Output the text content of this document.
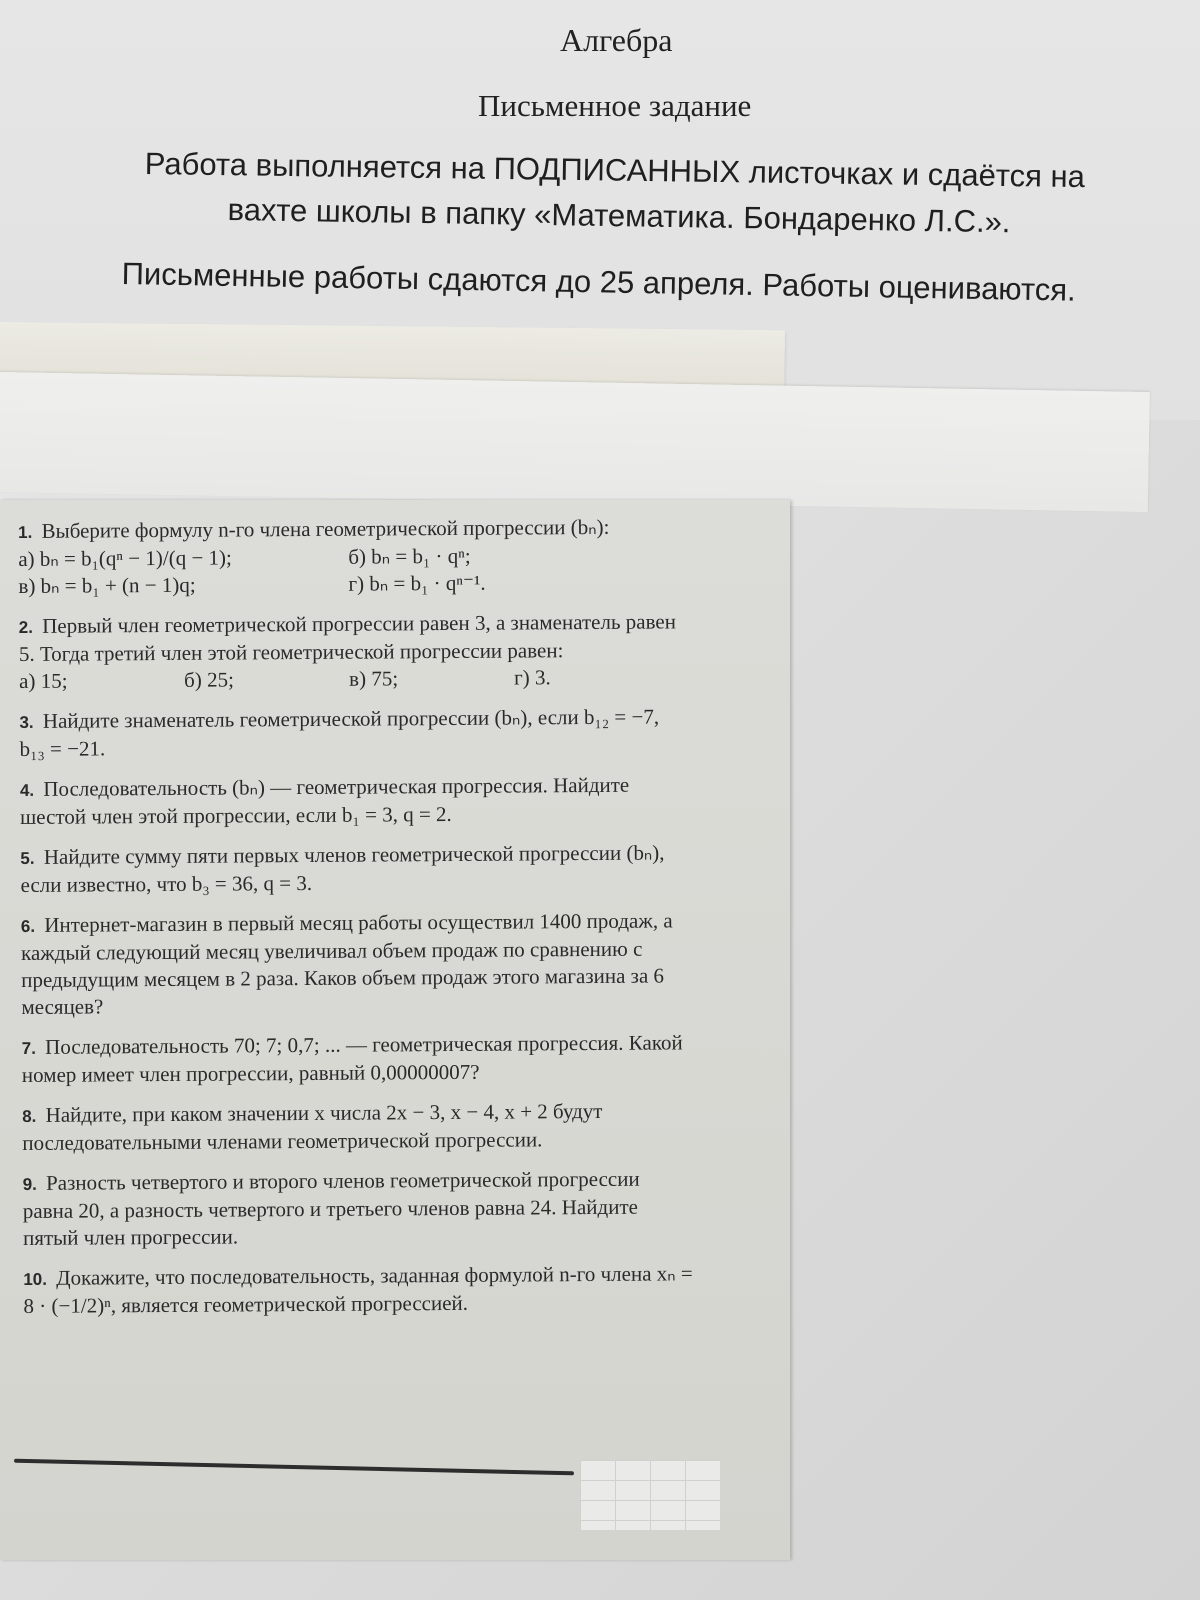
Алгебра
Письменное задание
Работа выполняется на ПОДПИСАННЫХ листочках и сдаётся на
вахте школы в папку «Математика. Бондаренко Л.С.».
Письменные работы сдаются до 25 апреля. Работы оцениваются.
1. Выберите формулу n-го члена геометрической прогрессии (bₙ):
а) bₙ = b₁(qⁿ − 1)/(q − 1);	б) bₙ = b₁ · qⁿ;
в) bₙ = b₁ + (n − 1)q;	г) bₙ = b₁ · qⁿ⁻¹.
2. Первый член геометрической прогрессии равен 3, а знаменатель равен 5. Тогда третий член этой геометрической прогрессии равен:
а) 15;	б) 25;	в) 75;	г) 3.
3. Найдите знаменатель геометрической прогрессии (bₙ), если b₁₂ = −7, b₁₃ = −21.
4. Последовательность (bₙ) — геометрическая прогрессия. Найдите шестой член этой прогрессии, если b₁ = 3, q = 2.
5. Найдите сумму пяти первых членов геометрической прогрессии (bₙ), если известно, что b₃ = 36, q = 3.
6. Интернет-магазин в первый месяц работы осуществил 1400 продаж, а каждый следующий месяц увеличивал объем продаж по сравнению с предыдущим месяцем в 2 раза. Каков объем продаж этого магазина за 6 месяцев?
7. Последовательность 70; 7; 0,7; ... — геометрическая прогрессия. Какой номер имеет член прогрессии, равный 0,00000007?
8. Найдите, при каком значении x числа 2x − 3, x − 4, x + 2 будут последовательными членами геометрической прогрессии.
9. Разность четвертого и второго членов геометрической прогрессии равна 20, а разность четвертого и третьего членов равна 24. Найдите пятый член прогрессии.
10. Докажите, что последовательность, заданная формулой n-го члена xₙ = 8 · (−1/2)ⁿ, является геометрической прогрессией.
